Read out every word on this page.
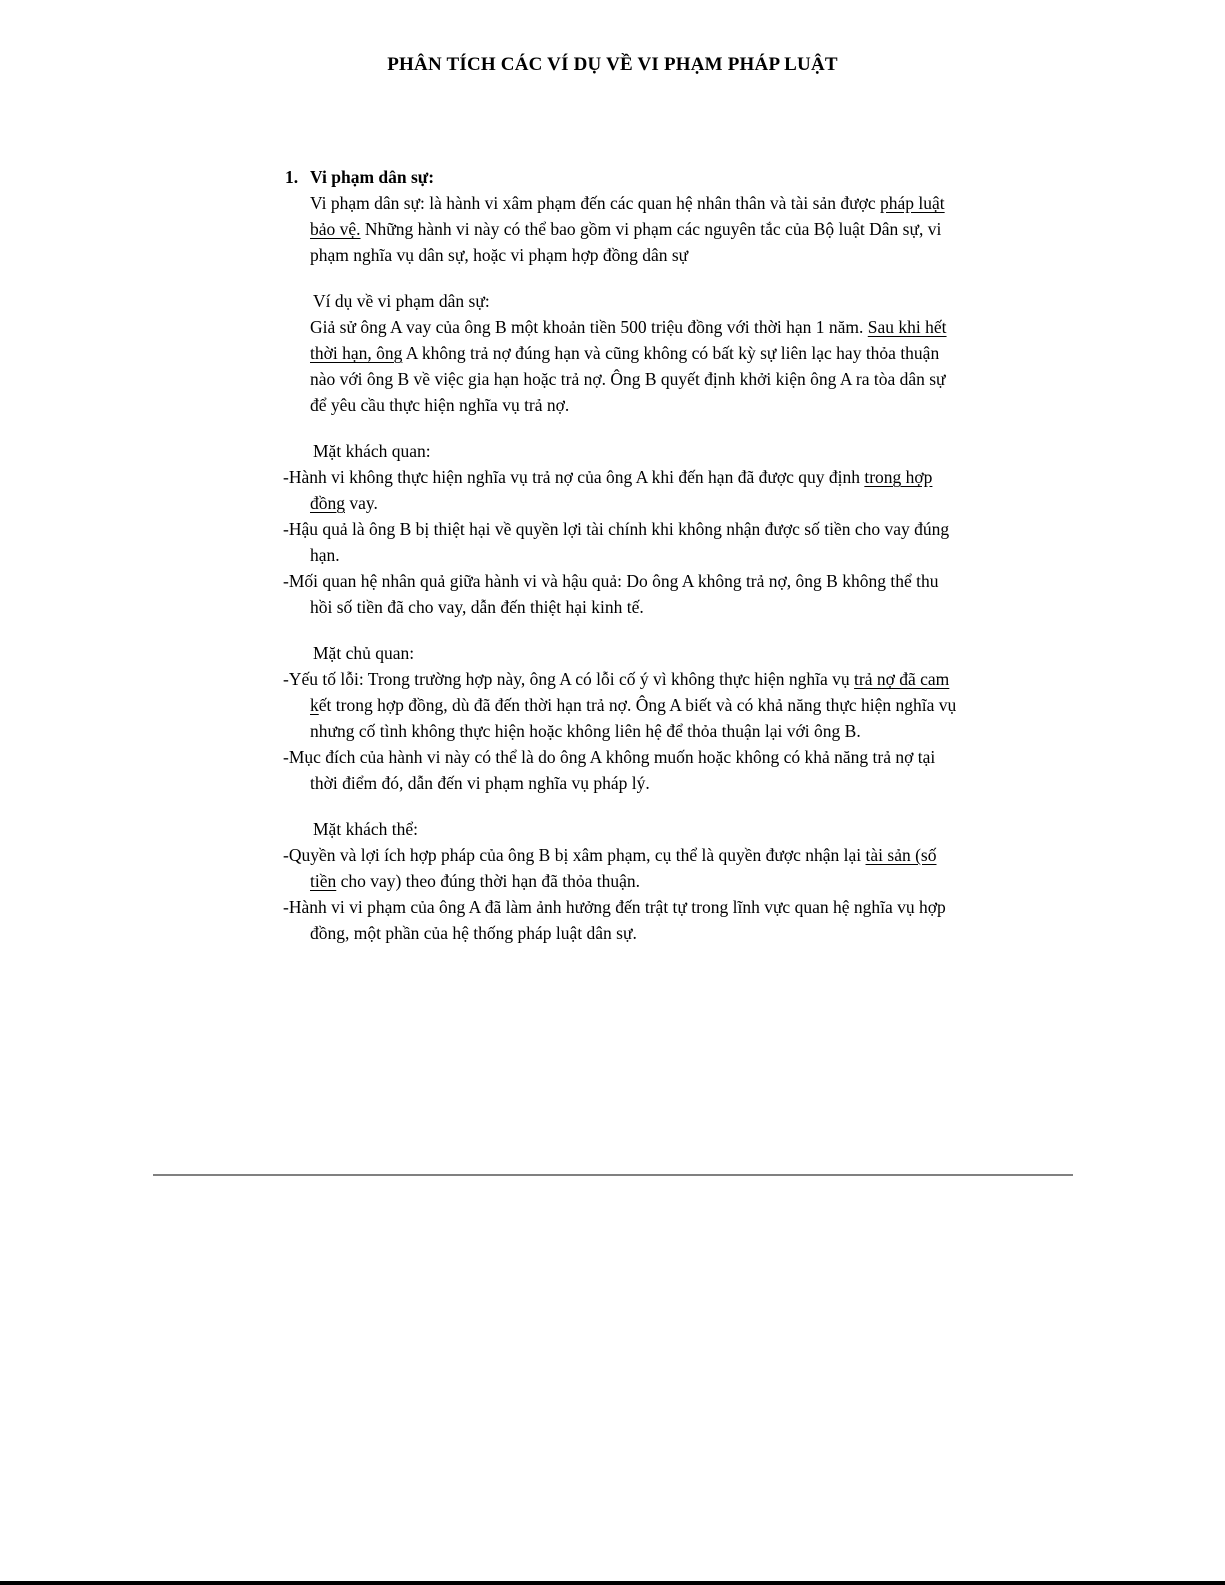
PHÂN TÍCH CÁC VÍ DỤ VỀ VI PHẠM PHÁP LUẬT
1. Vi phạm dân sự:

Vi phạm dân sự: là hành vi xâm phạm đến các quan hệ nhân thân và tài sản được pháp luật bảo vệ. Những hành vi này có thể bao gồm vi phạm các nguyên tắc của Bộ luật Dân sự, vi phạm nghĩa vụ dân sự, hoặc vi phạm hợp đồng dân sự

Ví dụ về vi phạm dân sự:

Giả sử ông A vay của ông B một khoản tiền 500 triệu đồng với thời hạn 1 năm. Sau khi hết thời hạn, ông A không trả nợ đúng hạn và cũng không có bất kỳ sự liên lạc hay thỏa thuận nào với ông B về việc gia hạn hoặc trả nợ. Ông B quyết định khởi kiện ông A ra tòa dân sự để yêu cầu thực hiện nghĩa vụ trả nợ.

Mặt khách quan:

-Hành vi không thực hiện nghĩa vụ trả nợ của ông A khi đến hạn đã được quy định trong hợp đồng vay.

-Hậu quả là ông B bị thiệt hại về quyền lợi tài chính khi không nhận được số tiền cho vay đúng hạn.

-Mối quan hệ nhân quả giữa hành vi và hậu quả: Do ông A không trả nợ, ông B không thể thu hồi số tiền đã cho vay, dẫn đến thiệt hại kinh tế.

Mặt chủ quan:

-Yếu tố lỗi: Trong trường hợp này, ông A có lỗi cố ý vì không thực hiện nghĩa vụ trả nợ đã cam kết trong hợp đồng, dù đã đến thời hạn trả nợ. Ông A biết và có khả năng thực hiện nghĩa vụ nhưng cố tình không thực hiện hoặc không liên hệ để thỏa thuận lại với ông B.

-Mục đích của hành vi này có thể là do ông A không muốn hoặc không có khả năng trả nợ tại thời điểm đó, dẫn đến vi phạm nghĩa vụ pháp lý.

Mặt khách thể:

-Quyền và lợi ích hợp pháp của ông B bị xâm phạm, cụ thể là quyền được nhận lại tài sản (số tiền cho vay) theo đúng thời hạn đã thỏa thuận.

-Hành vi vi phạm của ông A đã làm ảnh hưởng đến trật tự trong lĩnh vực quan hệ nghĩa vụ hợp đồng, một phần của hệ thống pháp luật dân sự.
